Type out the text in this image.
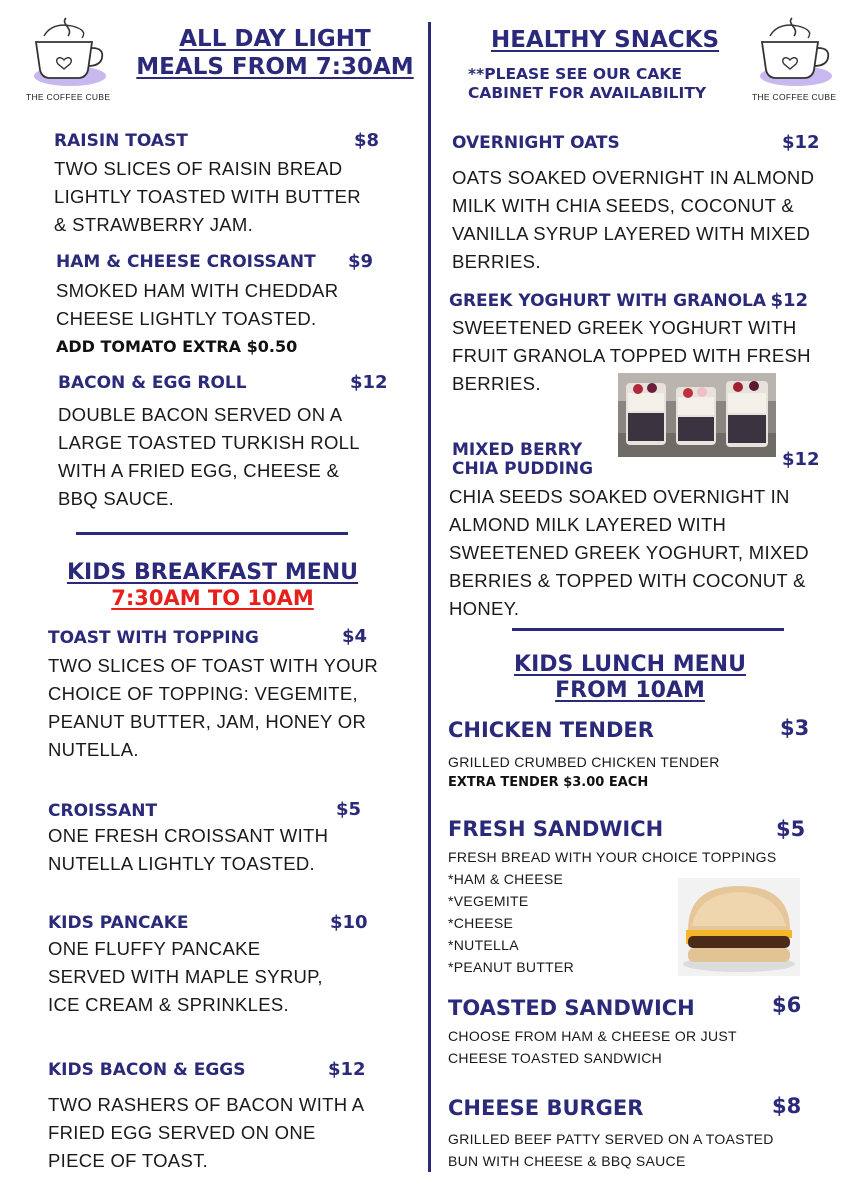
THE COFFEE CUBE	THE COFFEE CUBE
ALL DAY LIGHT
MEALS FROM 7:30AM
RAISIN TOAST	$8
TWO SLICES OF RAISIN BREAD
LIGHTLY TOASTED WITH BUTTER
& STRAWBERRY JAM.
HAM & CHEESE CROISSANT $9
SMOKED HAM WITH CHEDDAR
CHEESE LIGHTLY TOASTED.
ADD TOMATO EXTRA $0.50
BACON & EGG ROLL	$12
DOUBLE BACON SERVED ON A
LARGE TOASTED TURKISH ROLL
WITH A FRIED EGG, CHEESE &
BBQ SAUCE.
KIDS BREAKFAST MENU
7:30AM TO 10AM
TOAST WITH TOPPING	$4
TWO SLICES OF TOAST WITH YOUR
CHOICE OF TOPPING: VEGEMITE,
PEANUT BUTTER, JAM, HONEY OR
NUTELLA.
CROISSANT	$5
ONE FRESH CROISSANT WITH
NUTELLA LIGHTLY TOASTED.
KIDS PANCAKE	$10
ONE FLUFFY PANCAKE
SERVED WITH MAPLE SYRUP,
ICE CREAM & SPRINKLES.
KIDS BACON & EGGS	$12
TWO RASHERS OF BACON WITH A
FRIED EGG SERVED ON ONE
PIECE OF TOAST.
HEALTHY SNACKS
**PLEASE SEE OUR CAKE
CABINET FOR AVAILABILITY
OVERNIGHT OATS	$12
OATS SOAKED OVERNIGHT IN ALMOND
MILK WITH CHIA SEEDS, COCONUT &
VANILLA SYRUP LAYERED WITH MIXED
BERRIES.
GREEK YOGHURT WITH GRANOLA $12
SWEETENED GREEK YOGHURT WITH
FRUIT GRANOLA TOPPED WITH FRESH
BERRIES.
MIXED BERRY
CHIA PUDDING	$12
CHIA SEEDS SOAKED OVERNIGHT IN
ALMOND MILK LAYERED WITH
SWEETENED GREEK YOGHURT, MIXED
BERRIES & TOPPED WITH COCONUT &
HONEY.
KIDS LUNCH MENU
FROM 10AM
CHICKEN TENDER	$3
GRILLED CRUMBED CHICKEN TENDER
EXTRA TENDER $3.00 EACH
FRESH SANDWICH	$5
FRESH BREAD WITH YOUR CHOICE TOPPINGS
*HAM & CHEESE
*VEGEMITE
*CHEESE
*NUTELLA
*PEANUT BUTTER
TOASTED SANDWICH	$6
CHOOSE FROM HAM & CHEESE OR JUST
CHEESE TOASTED SANDWICH
CHEESE BURGER	$8
GRILLED BEEF PATTY SERVED ON A TOASTED
BUN WITH CHEESE & BBQ SAUCE
